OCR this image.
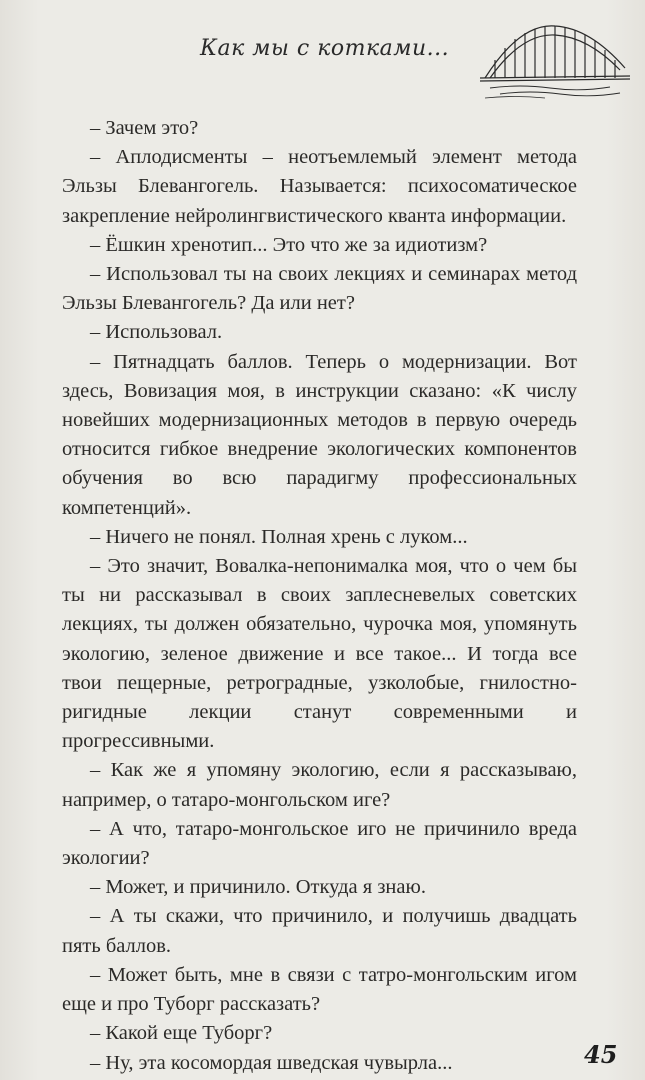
Как мы с котками...

– Зачем это?

– Аплодисменты – неотъемлемый элемент метода Эльзы Блевангогель. Называется: психосоматическое закрепление нейролингвистического кванта информации.

– Ёшкин хренотип... Это что же за идиотизм?

– Использовал ты на своих лекциях и семинарах метод Эльзы Блевангогель? Да или нет?

– Использовал.

– Пятнадцать баллов. Теперь о модернизации. Вот здесь, Вовизация моя, в инструкции сказано: «К числу новейших модернизационных методов в первую очередь относится гибкое внедрение экологических компонентов обучения во всю парадигму профессиональных компетенций».

– Ничего не понял. Полная хрень с луком...

– Это значит, Вовалка-непонималка моя, что о чем бы ты ни рассказывал в своих заплесневелых советских лекциях, ты должен обязательно, чурочка моя, упомянуть экологию, зеленое движение и все такое... И тогда все твои пещерные, ретроградные, узколобые, гнилостно-ригидные лекции станут современными и прогрессивными.

– Как же я упомяну экологию, если я рассказываю, например, о татаро-монгольском иге?

– А что, татаро-монгольское иго не причинило вреда экологии?

– Может, и причинило. Откуда я знаю.

– А ты скажи, что причинило, и получишь двадцать пять баллов.

– Может быть, мне в связи с татро-монгольским игом еще и про Туборг рассказать?

– Какой еще Туборг?

– Ну, эта косомордая шведская чувырла...	45
